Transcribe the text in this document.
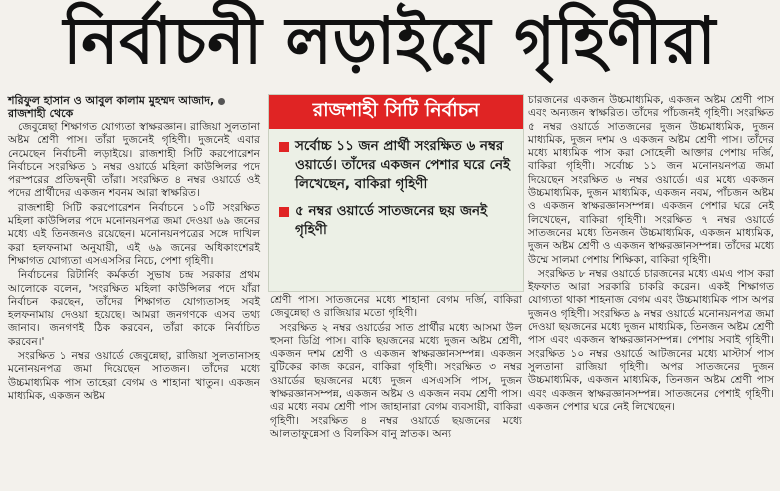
নির্বাচনী লড়াইয়ে গৃহিণীরা

শরিফুল হাসান ও আবুল কালাম মুহম্মদ আজাদ,
রাজশাহী থেকে

জেবুন্নেছা শিক্ষাগত যোগ্যতা স্বাক্ষরজ্ঞান। রাজিয়া সুলতানা অষ্টম শ্রেণী পাস। তাঁরা দুজনেই গৃহিণী। দুজনেই এবার নেমেছেন নির্বাচনী লড়াইয়ে। রাজশাহী সিটি করপোরেশন নির্বাচনে সংরক্ষিত ১ নম্বর ওয়ার্ডে মহিলা কাউন্সিলর পদে পরস্পরের প্রতিদ্বন্দ্বী তাঁরা। সংরক্ষিত ৪ নম্বর ওয়ার্ডে ওই পদের প্রার্থীদের একজন শবনম আরা স্বাক্ষরিত।

রাজশাহী সিটি করপোরেশন নির্বাচনে ১০টি সংরক্ষিত মহিলা কাউন্সিলর পদে মনোনয়নপত্র জমা দেওয়া ৬৯ জনের মধ্যে এই তিনজনও রয়েছেন। মনোনয়নপত্রের সঙ্গে দাখিল করা হলফনামা অনুযায়ী, এই ৬৯ জনের অধিকাংশেরই শিক্ষাগত যোগ্যতা এসএসসির নিচে, পেশা গৃহিণী।

নির্বাচনের রিটার্নিং কর্মকর্তা সুভাষ চন্দ্র সরকার প্রথম আলোকে বলেন, 'সংরক্ষিত মহিলা কাউন্সিলর পদে যাঁরা নির্বাচন করছেন, তাঁদের শিক্ষাগত যোগ্যতাসহ সবই হলফনামায় দেওয়া হয়েছে। আমরা জনগণকে এসব তথ্য জানাব। জনগণই ঠিক করবেন, তাঁরা কাকে নির্বাচিত করবেন।'

সংরক্ষিত ১ নম্বর ওয়ার্ডে জেবুন্নেছা, রাজিয়া সুলতানাসহ মনোনয়নপত্র জমা দিয়েছেন সাতজন। তাঁদের মধ্যে উচ্চমাধ্যমিক পাস তাহেরা বেগম ও শাহানা খাতুন। একজন মাধ্যমিক, একজন অষ্টম

রাজশাহী সিটি নির্বাচন
সর্বোচ্চ ১১ জন প্রার্থী সংরক্ষিত ৬ নম্বর ওয়ার্ডে। তাঁদের একজন পেশার ঘরে নেই লিখেছেন, বাকিরা গৃহিণী
৫ নম্বর ওয়ার্ডে সাতজনের ছয় জনই গৃহিণী

শ্রেণী পাস। সাতজনের মধ্যে শাহানা বেগম দর্জি, বাকিরা জেবুন্নেছা ও রাজিয়ার মতো গৃহিণী।

সংরক্ষিত ২ নম্বর ওয়ার্ডের সাত প্রার্থীর মধ্যে আসমা উল হুসনা ডিগ্রি পাস। বাকি ছয়জনের মধ্যে দুজন অষ্টম শ্রেণী, একজন দশম শ্রেণী ও একজন স্বাক্ষরজ্ঞানসম্পন্ন। একজন বুটিকের কাজ করেন, বাকিরা গৃহিণী। সংরক্ষিত ৩ নম্বর ওয়ার্ডের ছয়জনের মধ্যে দুজন এসএসসি পাস, দুজন স্বাক্ষরজ্ঞানসম্পন্ন, একজন অষ্টম ও একজন নবম শ্রেণী পাস। এর মধ্যে নবম শ্রেণী পাস জাহানারা বেগম ব্যবসায়ী, বাকিরা গৃহিণী। সংরক্ষিত ৪ নম্বর ওয়ার্ডে ছয়জনের মধ্যে আলতাফুন্নেসা ও বিলকিস বানু স্নাতক। অন্য

চারজনের একজন উচ্চমাধ্যমিক, একজন অষ্টম শ্রেণী পাস এবং অন্যজন স্বাক্ষরিত। তাঁদের পাঁচজনই গৃহিণী। সংরক্ষিত ৫ নম্বর ওয়ার্ডে সাতজনের দুজন উচ্চমাধ্যমিক, দুজন মাধ্যমিক, দুজন দশম ও একজন অষ্টম শ্রেণী পাস। তাঁদের মধ্যে মাধ্যমিক পাস করা সোহেলী আক্তার পেশায় দর্জি, বাকিরা গৃহিণী। সর্বোচ্চ ১১ জন মনোনয়নপত্র জমা দিয়েছেন সংরক্ষিত ৬ নম্বর ওয়ার্ডে। এর মধ্যে একজন উচ্চমাধ্যমিক, দুজন মাধ্যমিক, একজন নবম, পাঁচজন অষ্টম ও একজন স্বাক্ষরজ্ঞানসম্পন্ন। একজন পেশার ঘরে নেই লিখেছেন, বাকিরা গৃহিণী। সংরক্ষিত ৭ নম্বর ওয়ার্ডে সাতজনের মধ্যে তিনজন উচ্চমাধ্যমিক, একজন মাধ্যমিক, দুজন অষ্টম শ্রেণী ও একজন স্বাক্ষরজ্ঞানসম্পন্ন। তাঁদের মধ্যে উম্মে সালমা পেশায় শিক্ষিকা, বাকিরা গৃহিণী।

সংরক্ষিত ৮ নম্বর ওয়ার্ডে চারজনের মধ্যে এমএ পাস করা ইফফাত আরা সরকারি চাকরি করেন। একই শিক্ষাগত যোগ্যতা থাকা শাহনাজ বেগম এবং উচ্চমাধ্যমিক পাস অপর দুজনও গৃহিণী। সংরক্ষিত ৯ নম্বর ওয়ার্ডে মনোনয়নপত্র জমা দেওয়া ছয়জনের মধ্যে দুজন মাধ্যমিক, তিনজন অষ্টম শ্রেণী পাস এবং একজন স্বাক্ষরজ্ঞানসম্পন্ন। পেশায় সবাই গৃহিণী। সংরক্ষিত ১০ নম্বর ওয়ার্ডে আটজনের মধ্যে মাস্টার্স পাস সুলতানা রাজিয়া গৃহিণী। অপর সাতজনের দুজন উচ্চমাধ্যমিক, একজন মাধ্যমিক, তিনজন অষ্টম শ্রেণী পাস এবং একজন স্বাক্ষরজ্ঞানসম্পন্ন। সাতজনের পেশাই গৃহিণী। একজন পেশার ঘরে নেই লিখেছেন।
